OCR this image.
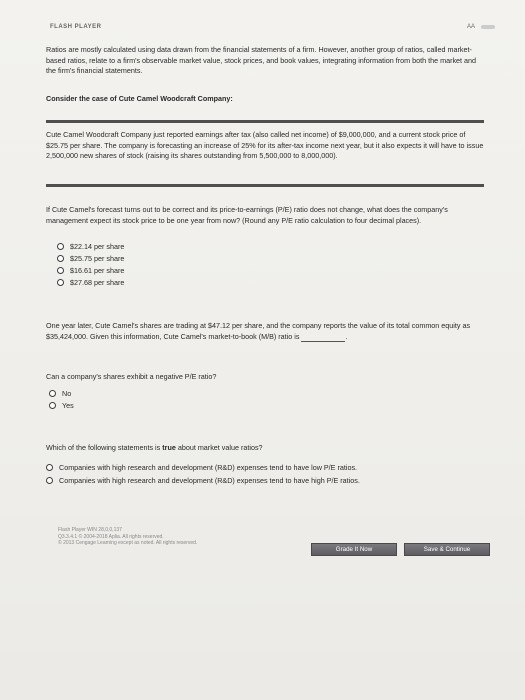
FLASH PLAYER	AA
Ratios are mostly calculated using data drawn from the financial statements of a firm. However, another group of ratios, called market-based ratios, relate to a firm's observable market value, stock prices, and book values, integrating information from both the market and the firm's financial statements.
Consider the case of Cute Camel Woodcraft Company:
Cute Camel Woodcraft Company just reported earnings after tax (also called net income) of $9,000,000, and a current stock price of $25.75 per share. The company is forecasting an increase of 25% for its after-tax income next year, but it also expects it will have to issue 2,500,000 new shares of stock (raising its shares outstanding from 5,500,000 to 8,000,000).
If Cute Camel's forecast turns out to be correct and its price-to-earnings (P/E) ratio does not change, what does the company's management expect its stock price to be one year from now? (Round any P/E ratio calculation to four decimal places).
$22.14 per share
$25.75 per share
$16.61 per share
$27.68 per share
One year later, Cute Camel's shares are trading at $47.12 per share, and the company reports the value of its total common equity as $35,424,000. Given this information, Cute Camel's market-to-book (M/B) ratio is	.
Can a company's shares exhibit a negative P/E ratio?
No
Yes
Which of the following statements is true about market value ratios?
Companies with high research and development (R&D) expenses tend to have low P/E ratios.
Companies with high research and development (R&D) expenses tend to have high P/E ratios.
Flash Player WIN 28,0,0,137
Q3.3.4.1 © 2004-2018 Aplia. All rights reserved.
© 2013 Cengage Learning except as noted. All rights reserved.
Grade It Now	Save & Continue
